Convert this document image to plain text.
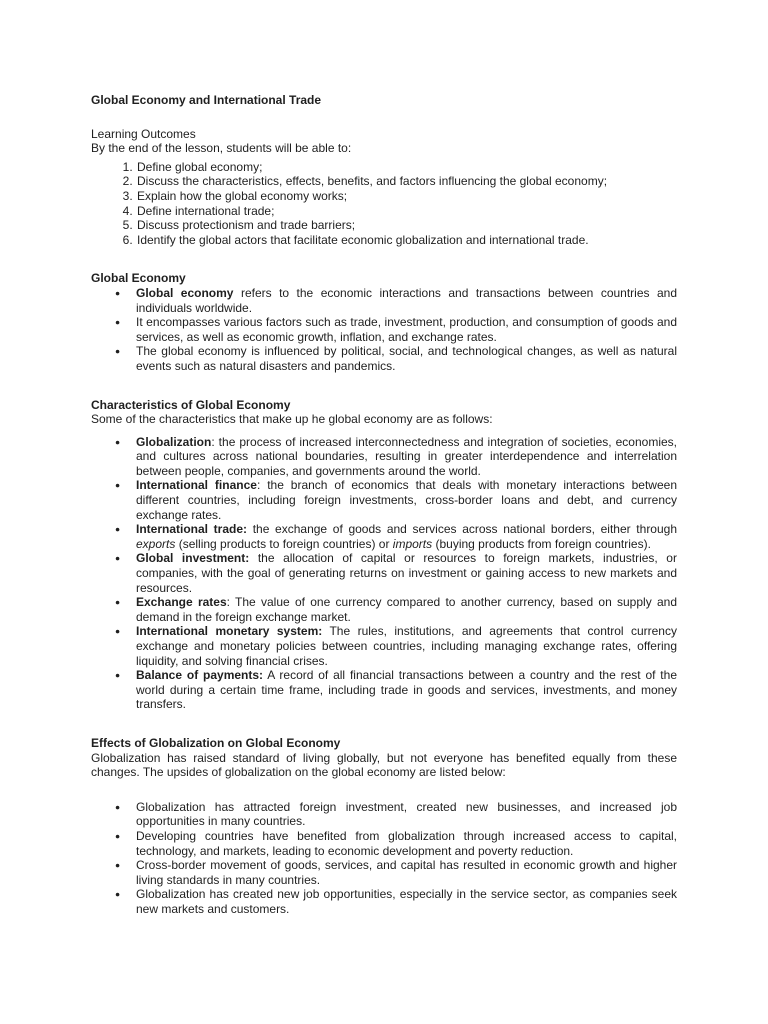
Global Economy and International Trade

Learning Outcomes

By the end of the lesson, students will be able to:

1. Define global economy;
2. Discuss the characteristics, effects, benefits, and factors influencing the global economy;
3. Explain how the global economy works;
4. Define international trade;
5. Discuss protectionism and trade barriers;
6. Identify the global actors that facilitate economic globalization and international trade.

Global Economy

● Global economy refers to the economic interactions and transactions between countries and individuals worldwide.
● It encompasses various factors such as trade, investment, production, and consumption of goods and services, as well as economic growth, inflation, and exchange rates.
● The global economy is influenced by political, social, and technological changes, as well as natural events such as natural disasters and pandemics.

Characteristics of Global Economy

Some of the characteristics that make up he global economy are as follows:

● Globalization: the process of increased interconnectedness and integration of societies, economies, and cultures across national boundaries, resulting in greater interdependence and interrelation between people, companies, and governments around the world.
● International finance: the branch of economics that deals with monetary interactions between different countries, including foreign investments, cross-border loans and debt, and currency exchange rates.
● International trade: the exchange of goods and services across national borders, either through exports (selling products to foreign countries) or imports (buying products from foreign countries).
● Global investment: the allocation of capital or resources to foreign markets, industries, or companies, with the goal of generating returns on investment or gaining access to new markets and resources.
● Exchange rates: The value of one currency compared to another currency, based on supply and demand in the foreign exchange market.
● International monetary system: The rules, institutions, and agreements that control currency exchange and monetary policies between countries, including managing exchange rates, offering liquidity, and solving financial crises.
● Balance of payments: A record of all financial transactions between a country and the rest of the world during a certain time frame, including trade in goods and services, investments, and money transfers.

Effects of Globalization on Global Economy

Globalization has raised standard of living globally, but not everyone has benefited equally from these changes. The upsides of globalization on the global economy are listed below:

● Globalization has attracted foreign investment, created new businesses, and increased job opportunities in many countries.
● Developing countries have benefited from globalization through increased access to capital, technology, and markets, leading to economic development and poverty reduction.
● Cross-border movement of goods, services, and capital has resulted in economic growth and higher living standards in many countries.
● Globalization has created new job opportunities, especially in the service sector, as companies seek new markets and customers.
